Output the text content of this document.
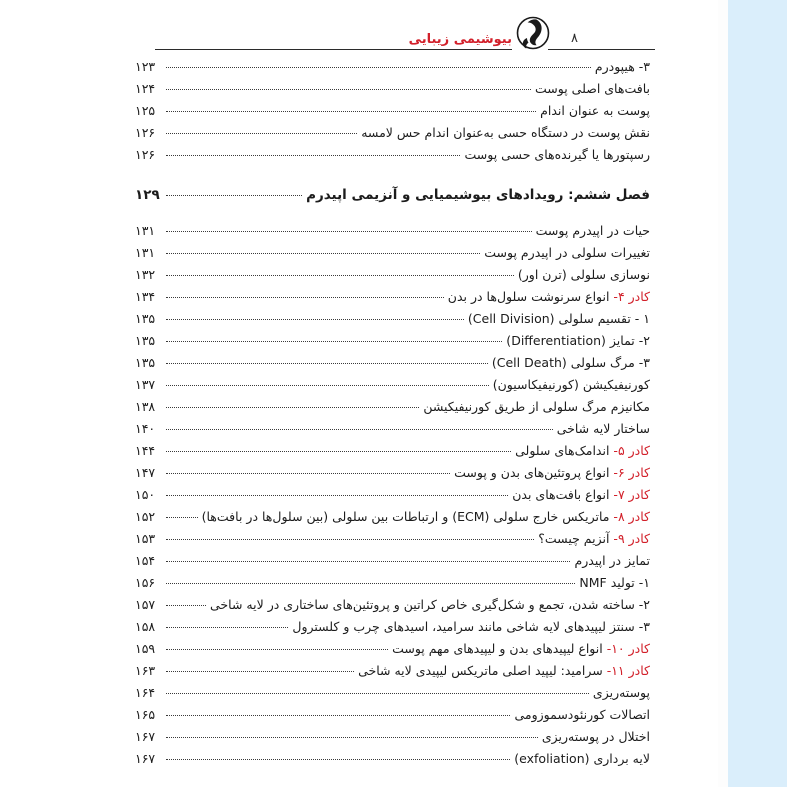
بیوشیمی زیبایی	۸
۳- هیپودرم
۱۲۳
بافت‌های اصلی پوست
۱۲۴
پوست به عنوان اندام
۱۲۵
نقش پوست در دستگاه حسی به‌عنوان اندام حس لامسه
۱۲۶
رسپتورها یا گیرنده‌های حسی پوست
۱۲۶
فصل ششم: رویدادهای بیوشیمیایی و آنزیمی اپیدرم
۱۲۹
حیات در اپیدرم پوست
۱۳۱
تغییرات سلولی در اپیدرم پوست
۱۳۱
نوسازی سلولی (ترن اور)
۱۳۲
کادر ۴- انواع سرنوشت سلول‌ها در بدن
۱۳۴
۱ - تقسیم سلولی (Cell Division)
۱۳۵
۲- تمایز (Differentiation)
۱۳۵
۳- مرگ سلولی (Cell Death)
۱۳۵
کورنیفیکیشن (کورنیفیکاسیون)
۱۳۷
مکانیزم مرگ سلولی از طریق کورنیفیکیشن
۱۳۸
ساختار لایه شاخی
۱۴۰
کادر ۵- اندامک‌های سلولی
۱۴۴
کادر ۶- انواع پروتئین‌های بدن و پوست
۱۴۷
کادر ۷- انواع بافت‌های بدن
۱۵۰
کادر ۸- ماتریکس خارج سلولی (ECM) و ارتباطات بین سلولی (بین سلول‌ها در بافت‌ها)
۱۵۲
کادر ۹- آنزیم چیست؟
۱۵۳
تمایز در اپیدرم
۱۵۴
۱- تولید NMF
۱۵۶
۲- ساخته شدن، تجمع و شکل‌گیری خاص کراتین و پروتئین‌های ساختاری در لایه شاخی
۱۵۷
۳- سنتز لیپیدهای لایه شاخی مانند سرامید، اسیدهای چرب و کلسترول
۱۵۸
کادر ۱۰- انواع لیپیدهای بدن و لیپیدهای مهم پوست
۱۵۹
کادر ۱۱- سرامید: لیپید اصلی ماتریکس لیپیدی لایه شاخی
۱۶۳
پوسته‌ریزی
۱۶۴
اتصالات کورنئودسموزومی
۱۶۵
اختلال در پوسته‌ریزی
۱۶۷
لایه برداری (exfoliation)
۱۶۷
